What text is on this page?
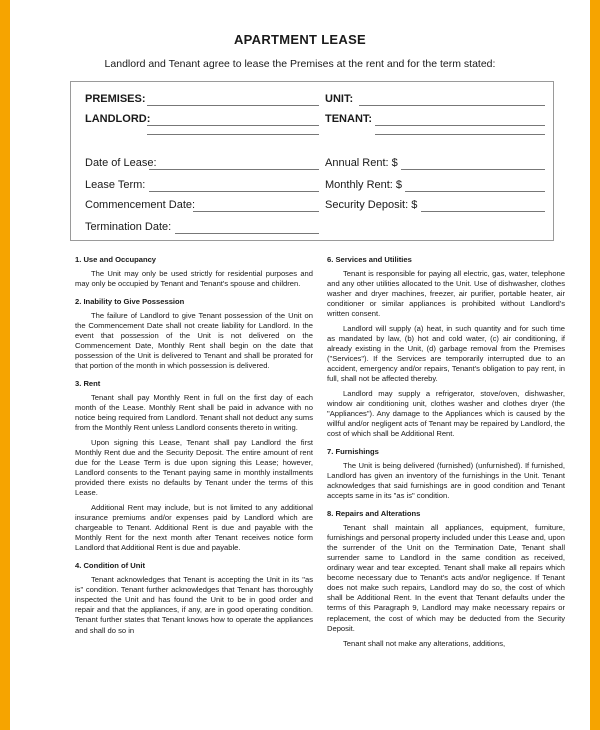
APARTMENT LEASE
Landlord and Tenant agree to lease the Premises at the rent and for the term stated:
PREMISES:	UNIT:
LANDLORD:	TENANT:
Date of Lease:	Annual Rent: $
Lease Term:	Monthly Rent: $
Commencement Date:	Security Deposit: $
Termination Date:
1. Use and Occupancy

The Unit may only be used strictly for residential purposes and may only be occupied by Tenant and Tenant's spouse and children.

2. Inability to Give Possession

The failure of Landlord to give Tenant possession of the Unit on the Commencement Date shall not create liability for Landlord. In the event that possession of the Unit is not delivered on the Commencement Date, Monthly Rent shall begin on the date that possession of the Unit is delivered to Tenant and shall be prorated for that portion of the month in which possession is delivered.

3. Rent

Tenant shall pay Monthly Rent in full on the first day of each month of the Lease. Monthly Rent shall be paid in advance with no notice being required from Landlord. Tenant shall not deduct any sums from the Monthly Rent unless Landlord consents thereto in writing.

Upon signing this Lease, Tenant shall pay Landlord the first Monthly Rent due and the Security Deposit. The entire amount of rent due for the Lease Term is due upon signing this Lease; however, Landlord consents to the Tenant paying same in monthly installments provided there exists no defaults by Tenant under the terms of this Lease.

Additional Rent may include, but is not limited to any additional insurance premiums and/or expenses paid by Landlord which are chargeable to Tenant. Additional Rent is due and payable with the Monthly Rent for the next month after Tenant receives notice form Landlord that Additional Rent is due and payable.

4. Condition of Unit

Tenant acknowledges that Tenant is accepting the Unit in its "as is" condition. Tenant further acknowledges that Tenant has thoroughly inspected the Unit and has found the Unit to be in good order and repair and that the appliances, if any, are in good operating condition. Tenant further states that Tenant knows how to operate the appliances and shall do so in

6. Services and Utilities

Tenant is responsible for paying all electric, gas, water, telephone and any other utilities allocated to the Unit. Use of dishwasher, clothes washer and dryer machines, freezer, air purifier, portable heater, air conditioner or similar appliances is prohibited without Landlord's written consent.

Landlord will supply (a) heat, in such quantity and for such time as mandated by law, (b) hot and cold water, (c) air conditioning, if already existing in the Unit, (d) garbage removal from the Premises ("Services"). If the Services are temporarily interrupted due to an accident, emergency and/or repairs, Tenant's obligation to pay rent, in full, shall not be affected thereby.

Landlord may supply a refrigerator, stove/oven, dishwasher, window air conditioning unit, clothes washer and clothes dryer (the "Appliances"). Any damage to the Appliances which is caused by the willful and/or negligent acts of Tenant may be repaired by Landlord, the cost of which shall be Additional Rent.

7. Furnishings

The Unit is being delivered (furnished) (unfurnished). If furnished, Landlord has given an inventory of the furnishings in the Unit. Tenant acknowledges that said furnishings are in good condition and Tenant accepts same in its "as is" condition.

8. Repairs and Alterations

Tenant shall maintain all appliances, equipment, furniture, furnishings and personal property included under this Lease and, upon the surrender of the Unit on the Termination Date, Tenant shall surrender same to Landlord in the same condition as received, ordinary wear and tear excepted. Tenant shall make all repairs which become necessary due to Tenant's acts and/or negligence. If Tenant does not make such repairs, Landlord may do so, the cost of which shall be Additional Rent. In the event that Tenant defaults under the terms of this Paragraph 9, Landlord may make necessary repairs or replacement, the cost of which may be deducted from the Security Deposit.

Tenant shall not make any alterations, additions,
